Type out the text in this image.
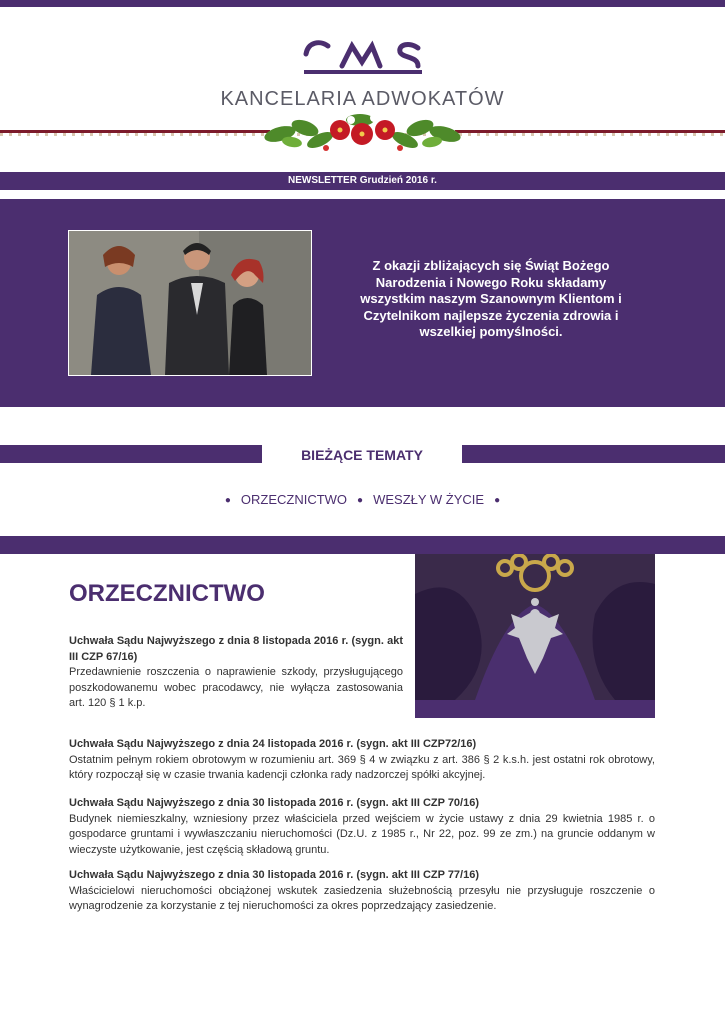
KANCELARIA ADWOKATÓW
NEWSLETTER Grudzień 2016 r.
Z okazji zbliżających się Świąt Bożego Narodzenia i Nowego Roku składamy wszystkim naszym Szanownym Klientom i Czytelnikom najlepsze życzenia zdrowia i wszelkiej pomyślności.
BIEŻĄCE TEMATY
● ORZECZNICTWO ● WESZŁY W ŻYCIE ●
ORZECZNICTWO
Uchwała Sądu Najwyższego z dnia 8 listopada 2016 r. (sygn. akt III CZP 67/16)
Przedawnienie roszczenia o naprawienie szkody, przysługującego poszkodowanemu wobec pracodawcy, nie wyłącza zastosowania art. 120 § 1 k.p.
Uchwała Sądu Najwyższego z dnia 24 listopada 2016 r. (sygn. akt III CZP72/16)
Ostatnim pełnym rokiem obrotowym w rozumieniu art. 369 § 4 w związku z art. 386 § 2 k.s.h. jest ostatni rok obrotowy, który rozpoczął się w czasie trwania kadencji członka rady nadzorczej spółki akcyjnej.
Uchwała Sądu Najwyższego z dnia 30 listopada 2016 r. (sygn. akt III CZP 70/16)
Budynek niemieszkalny, wzniesiony przez właściciela przed wejściem w życie ustawy z dnia 29 kwietnia 1985 r. o gospodarce gruntami i wywłaszczaniu nieruchomości (Dz.U. z 1985 r., Nr 22, poz. 99 ze zm.) na gruncie oddanym w wieczyste użytkowanie, jest częścią składową gruntu.
Uchwała Sądu Najwyższego z dnia 30 listopada 2016 r. (sygn. akt III CZP 77/16)
Właścicielowi nieruchomości obciążonej wskutek zasiedzenia służebnością przesyłu nie przysługuje roszczenie o wynagrodzenie za korzystanie z tej nieruchomości za okres poprzedzający zasiedzenie.
